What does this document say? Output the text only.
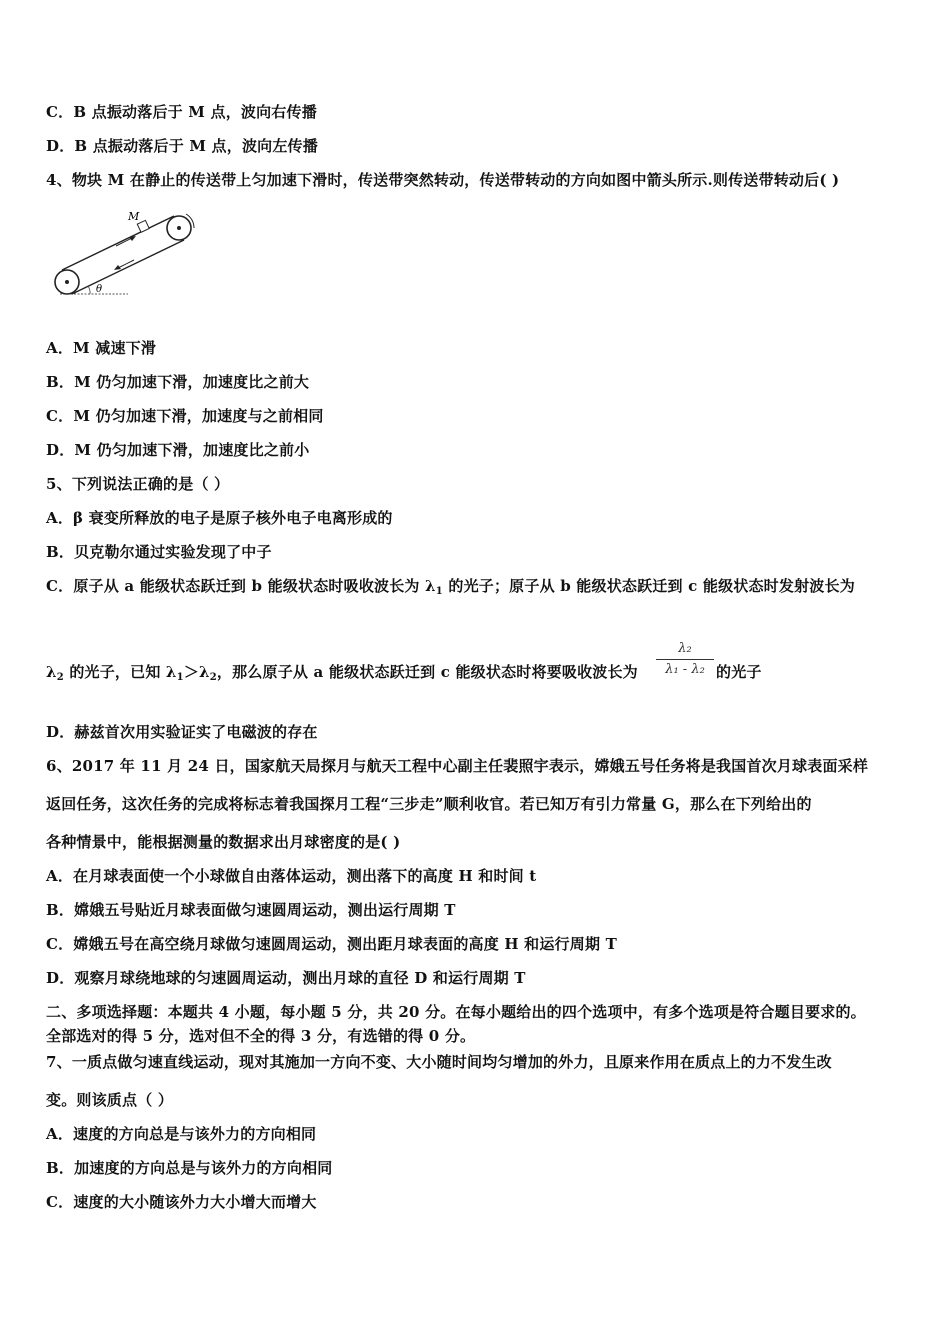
C．B 点振动落后于 M 点，波向右传播
D．B 点振动落后于 M 点，波向左传播
4、物块 M 在静止的传送带上匀加速下滑时，传送带突然转动，传送带转动的方向如图中箭头所示.则传送带转动后( )
M
θ
A．M 减速下滑
B．M 仍匀加速下滑，加速度比之前大
C．M 仍匀加速下滑，加速度与之前相同
D．M 仍匀加速下滑，加速度比之前小
5、下列说法正确的是（ ）
A．β 衰变所释放的电子是原子核外电子电离形成的
B．贝克勒尔通过实验发现了中子
C．原子从 a 能级状态跃迁到 b 能级状态时吸收波长为 $\lambda_1$ 的光子；原子从 b 能级状态跃迁到 c 能级状态时发射波长为
$\lambda_2$ 的光子，已知 $\lambda_1>\lambda_2$，那么原子从 a 能级状态跃迁到 c 能级状态时将要吸收波长为
λ₂
λ₁ - λ₂ 的光子
D．赫兹首次用实验证实了电磁波的存在
6、2017 年 11 月 24 日，国家航天局探月与航天工程中心副主任裴照宇表示，嫦娥五号任务将是我国首次月球表面采样
返回任务，这次任务的完成将标志着我国探月工程“三步走”顺利收官。若已知万有引力常量 G，那么在下列给出的
各种情景中，能根据测量的数据求出月球密度的是( )
A．在月球表面使一个小球做自由落体运动，测出落下的高度 H 和时间 t
B．嫦娥五号贴近月球表面做匀速圆周运动，测出运行周期 T
C．嫦娥五号在高空绕月球做匀速圆周运动，测出距月球表面的高度 H 和运行周期 T
D．观察月球绕地球的匀速圆周运动，测出月球的直径 D 和运行周期 T
二、多项选择题：本题共 4 小题，每小题 5 分，共 20 分。在每小题给出的四个选项中，有多个选项是符合题目要求的。
全部选对的得 5 分，选对但不全的得 3 分，有选错的得 0 分。
7、一质点做匀速直线运动，现对其施加一方向不变、大小随时间均匀增加的外力，且原来作用在质点上的力不发生改
变。则该质点（ ）
A．速度的方向总是与该外力的方向相同
B．加速度的方向总是与该外力的方向相同
C．速度的大小随该外力大小增大而增大
